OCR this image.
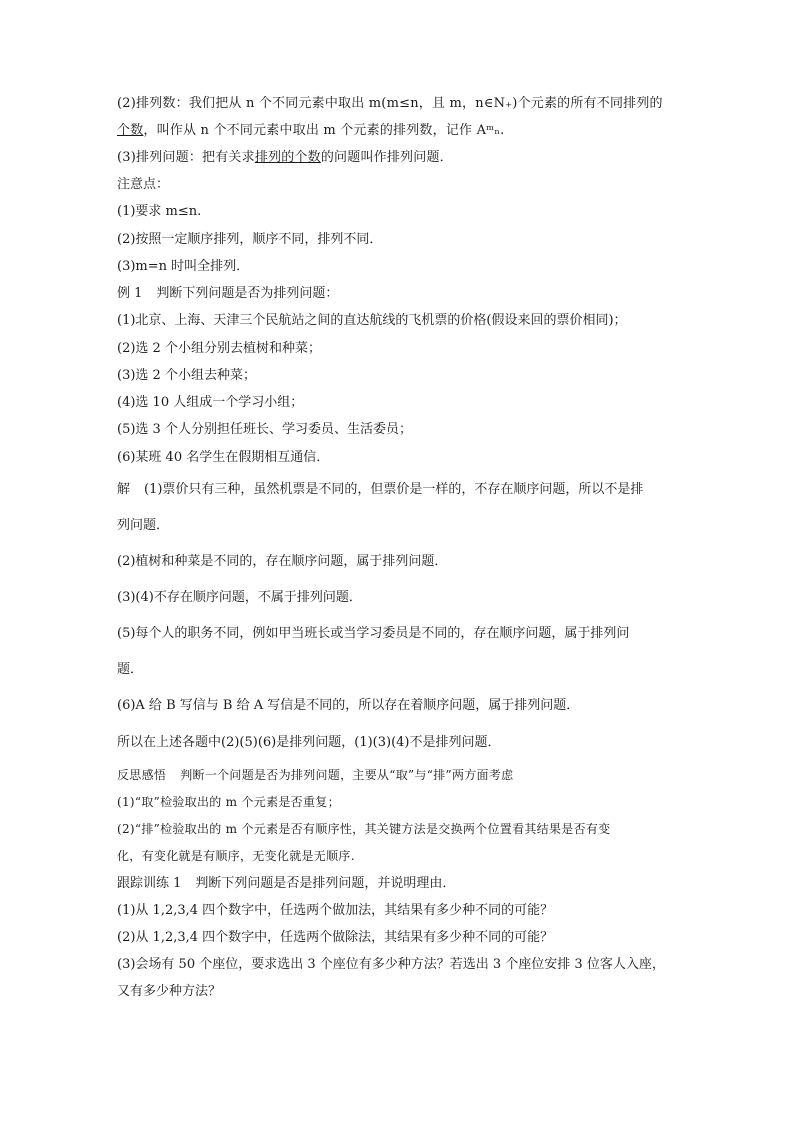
(2)排列数：我们把从 n 个不同元素中取出 m(m≤n，且 m，n∈N₊)个元素的所有不同排列的
个数，叫作从 n 个不同元素中取出 m 个元素的排列数，记作 Aᵐₙ.
(3)排列问题：把有关求排列的个数的问题叫作排列问题．
注意点：
(1)要求 m≤n.
(2)按照一定顺序排列，顺序不同，排列不同．
(3)m=n 时叫全排列．
例 1 判断下列问题是否为排列问题：
(1)北京、上海、天津三个民航站之间的直达航线的飞机票的价格(假设来回的票价相同)；
(2)选 2 个小组分别去植树和种菜；
(3)选 2 个小组去种菜；
(4)选 10 人组成一个学习小组；
(5)选 3 个人分别担任班长、学习委员、生活委员；
(6)某班 40 名学生在假期相互通信．
解 (1)票价只有三种，虽然机票是不同的，但票价是一样的，不存在顺序问题，所以不是排
列问题．
(2)植树和种菜是不同的，存在顺序问题，属于排列问题．
(3)(4)不存在顺序问题，不属于排列问题．
(5)每个人的职务不同，例如甲当班长或当学习委员是不同的，存在顺序问题，属于排列问
题．
(6)A 给 B 写信与 B 给 A 写信是不同的，所以存在着顺序问题，属于排列问题．
所以在上述各题中(2)(5)(6)是排列问题，(1)(3)(4)不是排列问题．
反思感悟 判断一个问题是否为排列问题，主要从“取”与“排”两方面考虑
(1)“取”检验取出的 m 个元素是否重复；
(2)“排”检验取出的 m 个元素是否有顺序性，其关键方法是交换两个位置看其结果是否有变
化，有变化就是有顺序，无变化就是无顺序.
跟踪训练 1 判断下列问题是否是排列问题，并说明理由．
(1)从 1,2,3,4 四个数字中，任选两个做加法，其结果有多少种不同的可能？
(2)从 1,2,3,4 四个数字中，任选两个做除法，其结果有多少种不同的可能？
(3)会场有 50 个座位，要求选出 3 个座位有多少种方法？若选出 3 个座位安排 3 位客人入座，
又有多少种方法？
